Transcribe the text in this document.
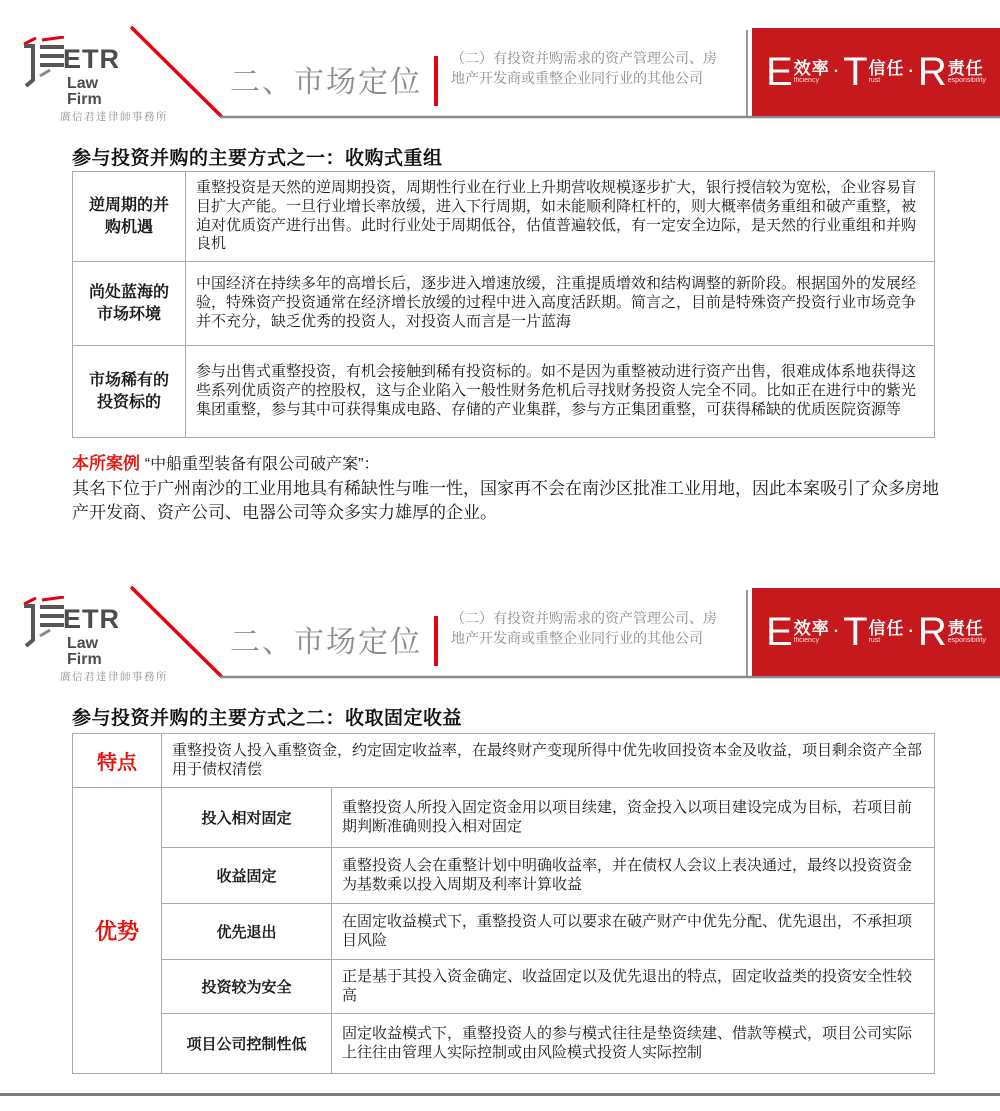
ETR
Law
Firm
廣信君達律師事務所
二、市场定位
（二）有投资并购需求的资产管理公司、房地产开发商或重整企业同行业的其他公司	E 效率
fficiency
· T 信任
rust
· R 责任
esponsibility
参与投资并购的主要方式之一：收购式重组
逆周期的并购机遇	重整投资是天然的逆周期投资，周期性行业在行业上升期营收规模逐步扩大，银行授信较为宽松，企业容易盲目扩大产能。一旦行业增长率放缓，进入下行周期，如未能顺利降杠杆的，则大概率债务重组和破产重整，被迫对优质资产进行出售。此时行业处于周期低谷，估值普遍较低，有一定安全边际，是天然的行业重组和并购良机
尚处蓝海的市场环境	中国经济在持续多年的高增长后，逐步进入增速放缓，注重提质增效和结构调整的新阶段。根据国外的发展经验，特殊资产投资通常在经济增长放缓的过程中进入高度活跃期。简言之，目前是特殊资产投资行业市场竞争并不充分，缺乏优秀的投资人，对投资人而言是一片蓝海
市场稀有的投资标的	参与出售式重整投资，有机会接触到稀有投资标的。如不是因为重整被动进行资产出售，很难成体系地获得这些系列优质资产的控股权，这与企业陷入一般性财务危机后寻找财务投资人完全不同。比如正在进行中的紫光集团重整，参与其中可获得集成电路、存储的产业集群，参与方正集团重整，可获得稀缺的优质医院资源等
本所案例 “中船重型装备有限公司破产案”：
其名下位于广州南沙的工业用地具有稀缺性与唯一性，国家再不会在南沙区批准工业用地，因此本案吸引了众多房地产开发商、资产公司、电器公司等众多实力雄厚的企业。
ETR
Law
Firm
廣信君達律師事務所
二、市场定位
（二）有投资并购需求的资产管理公司、房地产开发商或重整企业同行业的其他公司	E 效率
fficiency
· T 信任
rust
· R 责任
esponsibility
参与投资并购的主要方式之二：收取固定收益
特点	重整投资人投入重整资金，约定固定收益率，在最终财产变现所得中优先收回投资本金及收益，项目剩余资产全部用于债权清偿	
优势	投入相对固定	重整投资人所投入固定资金用以项目续建，资金投入以项目建设完成为目标，若项目前期判断准确则投入相对固定
	收益固定	重整投资人会在重整计划中明确收益率，并在债权人会议上表决通过，最终以投资资金为基数乘以投入周期及利率计算收益
	优先退出	在固定收益模式下，重整投资人可以要求在破产财产中优先分配、优先退出，不承担项目风险
	投资较为安全	正是基于其投入资金确定、收益固定以及优先退出的特点，固定收益类的投资安全性较高
	项目公司控制性低	固定收益模式下，重整投资人的参与模式往往是垫资续建、借款等模式，项目公司实际上往往由管理人实际控制或由风险模式投资人实际控制
